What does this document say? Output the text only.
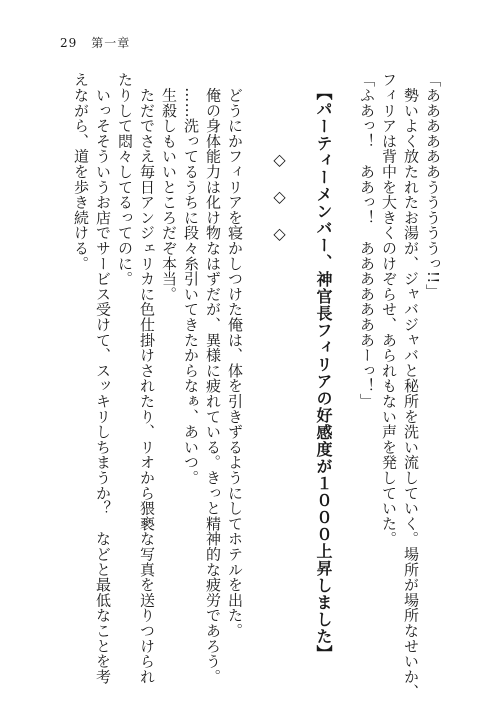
29 第一章
「ああああああうううううっ!!」
　勢いよく放たれたお湯が、ジャバジャバと秘所を洗い流していく。場所が場所なせいか、
フィリアは背中を大きくのけぞらせ、あられもない声を発していた。
「ふあっ！　ああっ！　あああああああーっ！」
【パーティーメンバー、神官長フィリアの好感度が１０００上昇しました】
◇◇◇
　どうにかフィリアを寝かしつけた俺は、体を引きずるようにしてホテルを出た。
　俺の身体能力は化け物なはずだが、異様に疲れている。きっと精神的な疲労であろう。
　……洗ってるうちに段々糸引いてきたからなぁ、あいつ。
　生殺しもいいところだぞ本当。
　ただでさえ毎日アンジェリカに色仕掛けされたり、リオから猥褻な写真を送りつけられ
たりして悶々してるってのに。
　いっそそういうお店でサービス受けて、スッキリしちまうか？　などと最低なことを考
えながら、道を歩き続ける。
